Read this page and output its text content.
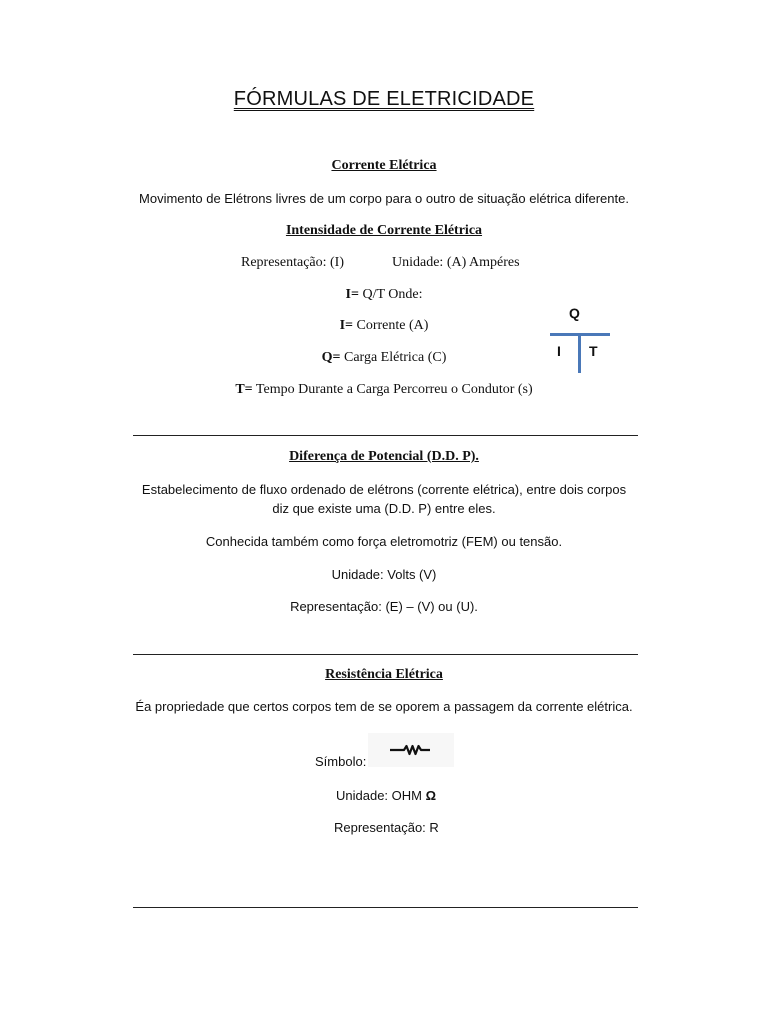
FÓRMULAS DE ELETRICIDADE
Corrente Elétrica
Movimento de Elétrons livres de um corpo para o outro de situação elétrica diferente.
Intensidade de Corrente Elétrica
Representação: (I)	Unidade: (A) Ampéres
I= Q/T Onde:
I= Corrente (A)
Q= Carga Elétrica (C)
T= Tempo Durante a Carga Percorreu o Condutor (s)
Q
I T
Diferença de Potencial (D.D. P).
Estabelecimento de fluxo ordenado de elétrons (corrente elétrica), entre dois corpos
diz que existe uma (D.D. P) entre eles.
Conhecida também como força eletromotriz (FEM) ou tensão.
Unidade: Volts (V)
Representação: (E) – (V) ou (U).
Resistência Elétrica
Éa propriedade que certos corpos tem de se oporem a passagem da corrente elétrica.
Símbolo:
Unidade: OHM Ω
Representação: R
